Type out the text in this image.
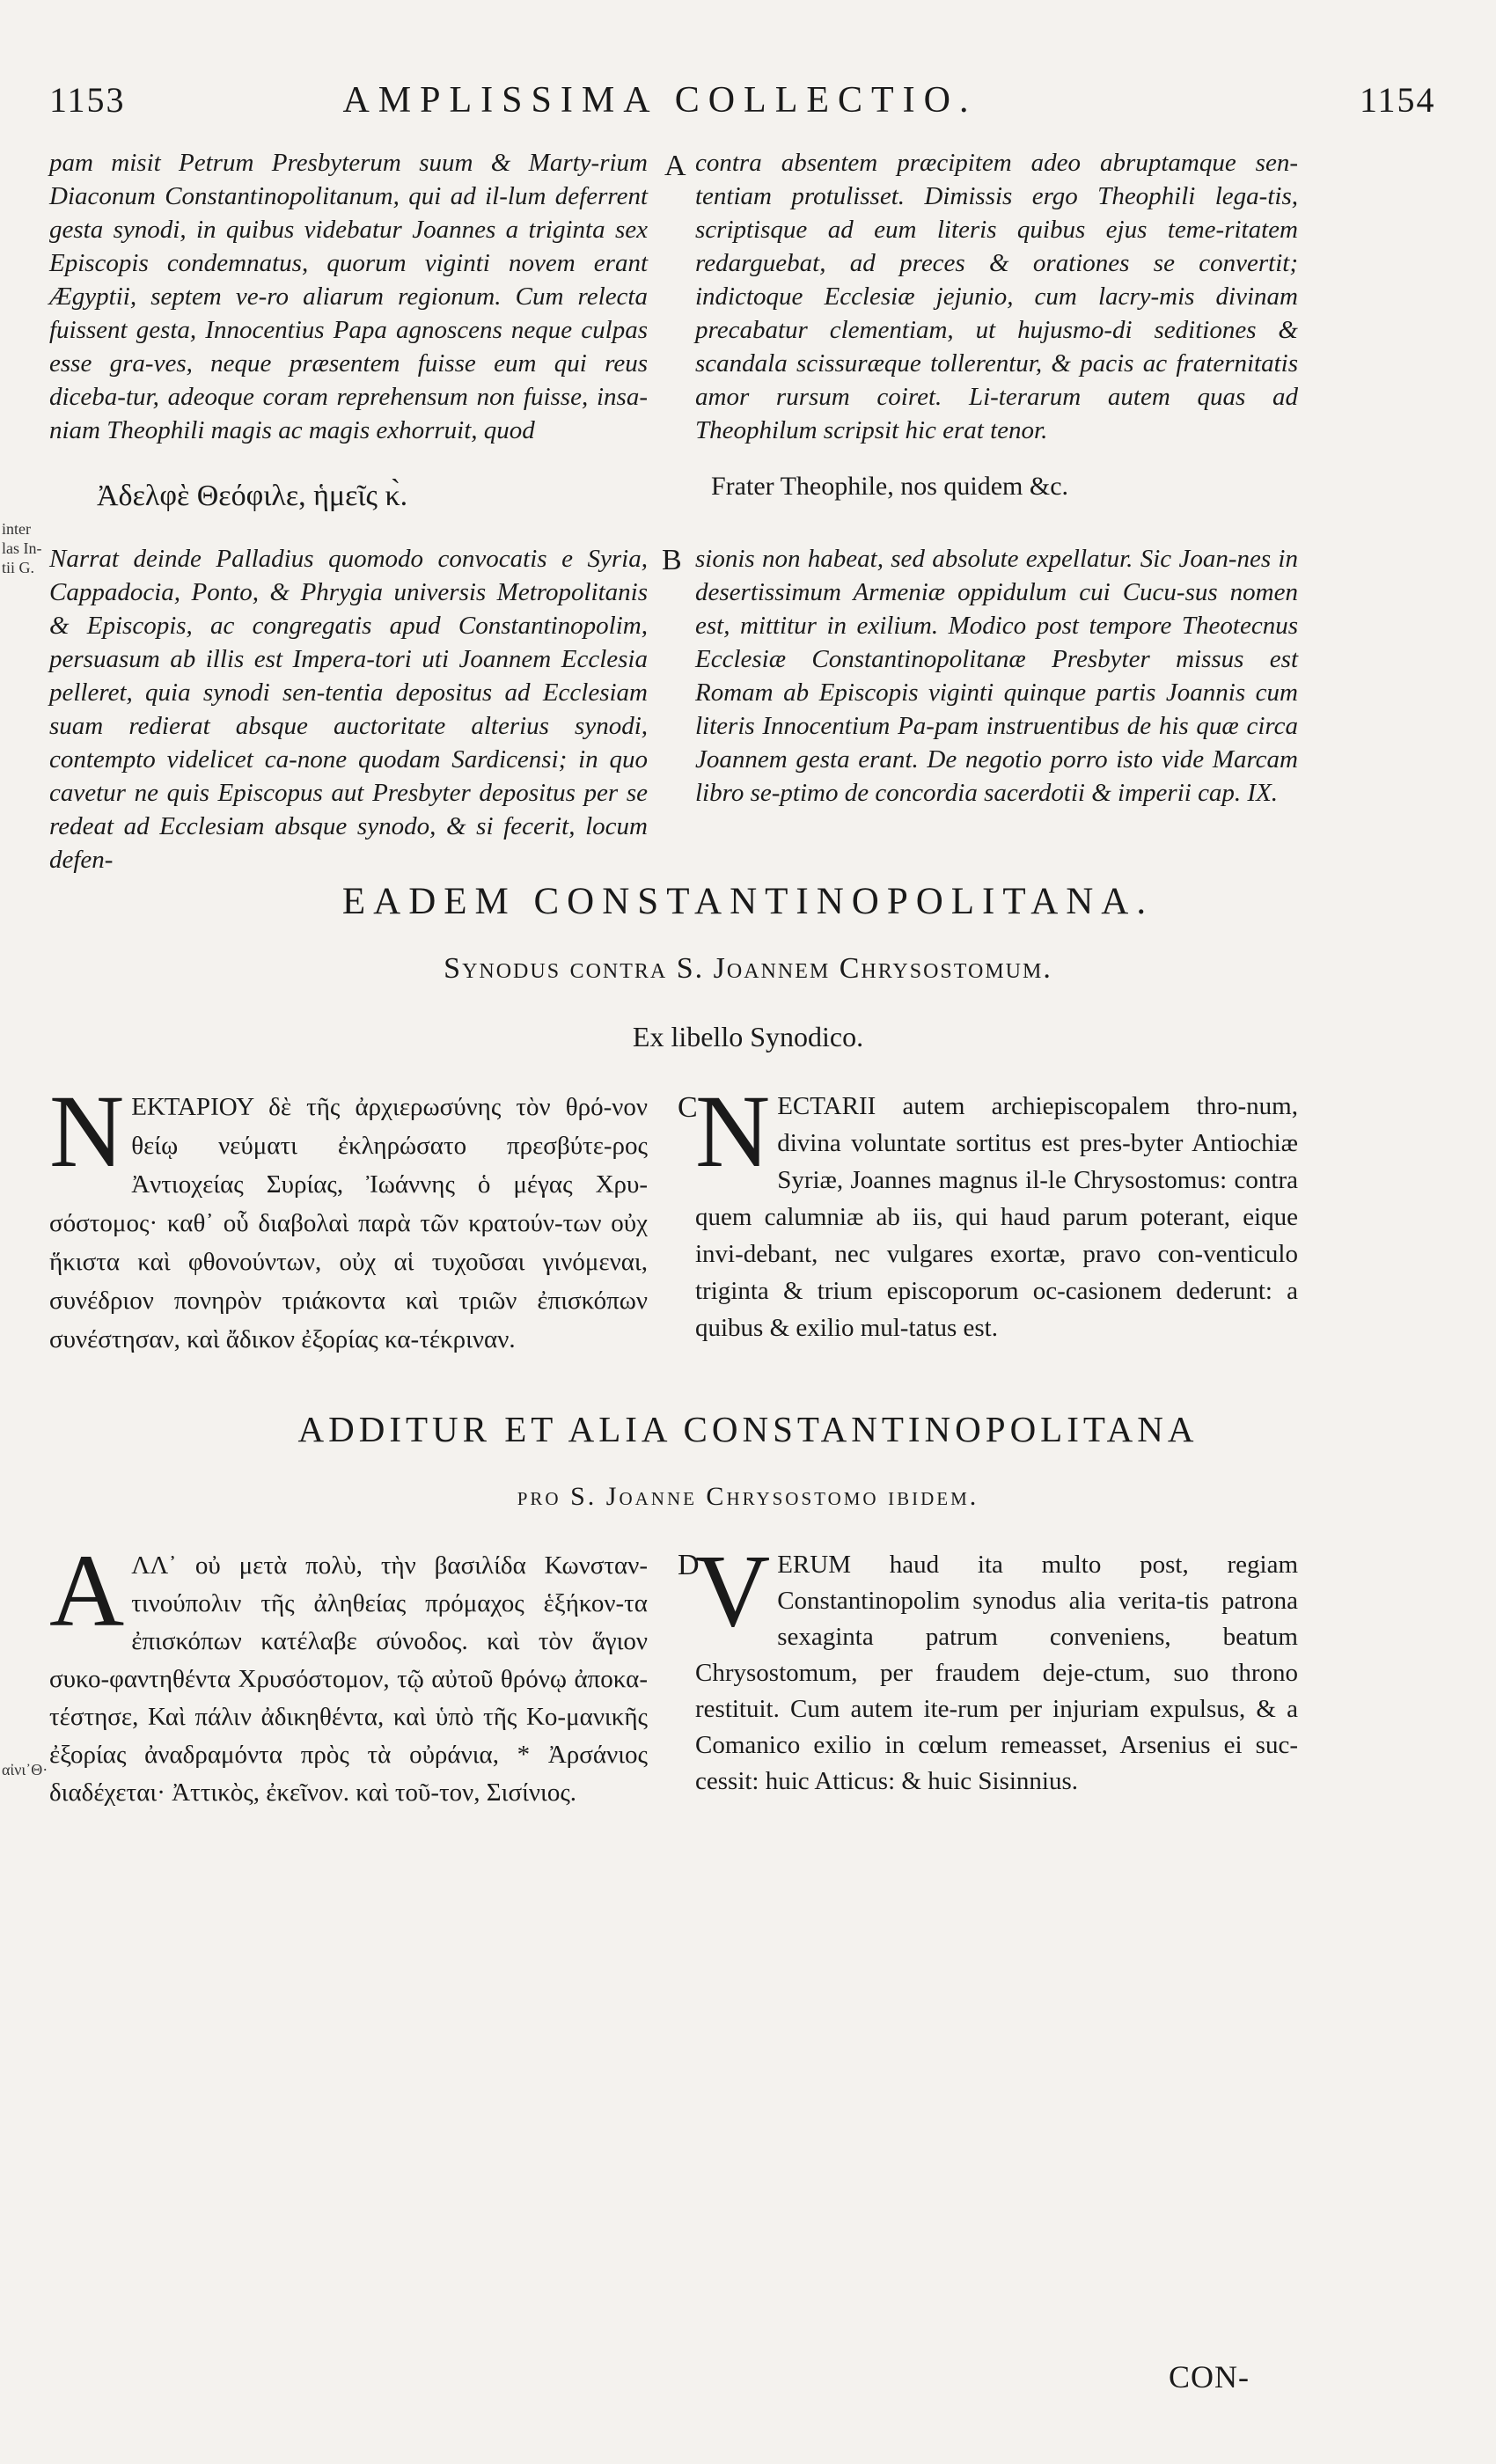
1153	AMPLISSIMA COLLECTIO.	1154
inter
las In-
tii G.
αἰνι᾽Θ·
pam misit Petrum Presbyterum suum & Marty-rium Diaconum Constantinopolitanum, qui ad il-lum deferrent gesta synodi, in quibus videbatur Joannes a triginta sex Episcopis condemnatus, quorum viginti novem erant Ægyptii, septem ve-ro aliarum regionum. Cum relecta fuissent gesta, Innocentius Papa agnoscens neque culpas esse gra-ves, neque præsentem fuisse eum qui reus diceba-tur, adeoque coram reprehensum non fuisse, insa-niam Theophili magis ac magis exhorruit, quod
A contra absentem præcipitem adeo abruptamque sen-tentiam protulisset. Dimissis ergo Theophili lega-tis, scriptisque ad eum literis quibus ejus teme-ritatem redarguebat, ad preces & orationes se convertit; indictoque Ecclesiæ jejunio, cum lacry-mis divinam precabatur clementiam, ut hujusmo-di seditiones & scandala scissuræque tollerentur, & pacis ac fraternitatis amor rursum coiret. Li-terarum autem quas ad Theophilum scripsit hic erat tenor.
Ἀδελφὲ Θεόφιλε, ἡμεῖς κ̀.	Frater Theophile, nos quidem &c.
Narrat deinde Palladius quomodo convocatis e Syria, Cappadocia, Ponto, & Phrygia universis Metropolitanis & Episcopis, ac congregatis apud Constantinopolim, persuasum ab illis est Impera-tori uti Joannem Ecclesia pelleret, quia synodi sen-tentia depositus ad Ecclesiam suam redierat absque auctoritate alterius synodi, contempto videlicet ca-none quodam Sardicensi; in quo cavetur ne quis Episcopus aut Presbyter depositus per se redeat ad Ecclesiam absque synodo, & si fecerit, locum defen-
B sionis non habeat, sed absolute expellatur. Sic Joan-nes in desertissimum Armeniæ oppidulum cui Cucu-sus nomen est, mittitur in exilium. Modico post tempore Theotecnus Ecclesiæ Constantinopolitanæ Presbyter missus est Romam ab Episcopis viginti quinque partis Joannis cum literis Innocentium Pa-pam instruentibus de his quæ circa Joannem gesta erant. De negotio porro isto vide Marcam libro se-ptimo de concordia sacerdotii & imperii cap. IX.
EADEM CONSTANTINOPOLITANA.
Synodus contra S. Joannem Chrysostomum.
Ex libello Synodico.
ΝΕΚΤΑΡΙΟΥ δὲ τῆς ἀρχιερωσύνης τὸν θρό-νον θείῳ νεύματι ἐκληρώσατο πρεσβύτε-ρος Ἀντιοχείας Συρίας, Ἰωάννης ὁ μέγας Χρυ-σόστομος· καθ᾽ οὗ διαβολαὶ παρὰ τῶν κρατούν-των οὐχ ἥκιστα καὶ φθονούντων, οὐχ αἱ τυχοῦσαι γινόμεναι, συνέδριον πονηρὸν τριάκοντα καὶ τριῶν ἐπισκόπων συνέστησαν, καὶ ἄδικον ἐξορίας κα-τέκριναν.
C
NECTARII autem archiepiscopalem thro-num, divina voluntate sortitus est pres-byter Antiochiæ Syriæ, Joannes magnus il-le Chrysostomus: contra quem calumniæ ab iis, qui haud parum poterant, eique invi-debant, nec vulgares exortæ, pravo con-venticulo triginta & trium episcoporum oc-casionem dederunt: a quibus & exilio mul-tatus est.
ADDITUR ET ALIA CONSTANTINOPOLITANA
pro S. Joanne Chrysostomo ibidem.
ΑΛΛ᾽ οὐ μετὰ πολὺ, τὴν βασιλίδα Κωνσταν-τινούπολιν τῆς ἀληθείας πρόμαχος ἑξήκον-τα ἐπισκόπων κατέλαβε σύνοδος. καὶ τὸν ἅγιον συκο-φαντηθέντα Χρυσόστομον, τῷ αὐτοῦ θρόνῳ ἀποκα-τέστησε, Καὶ πάλιν ἀδικηθέντα, καὶ ὑπὸ τῆς Κο-μανικῆς ἐξορίας ἀναδραμόντα πρὸς τὰ οὐράνια, * Ἀρσάνιος διαδέχεται· Ἀττικὸς, ἐκεῖνον. καὶ τοῦ-τον, Σισίνιος.
D
VERUM haud ita multo post, regiam Constantinopolim synodus alia verita-tis patrona sexaginta patrum conveniens, beatum Chrysostomum, per fraudem deje-ctum, suo throno restituit. Cum autem ite-rum per injuriam expulsus, & a Comanico exilio in cœlum remeasset, Arsenius ei suc-cessit: huic Atticus: & huic Sisinnius.
CON-
